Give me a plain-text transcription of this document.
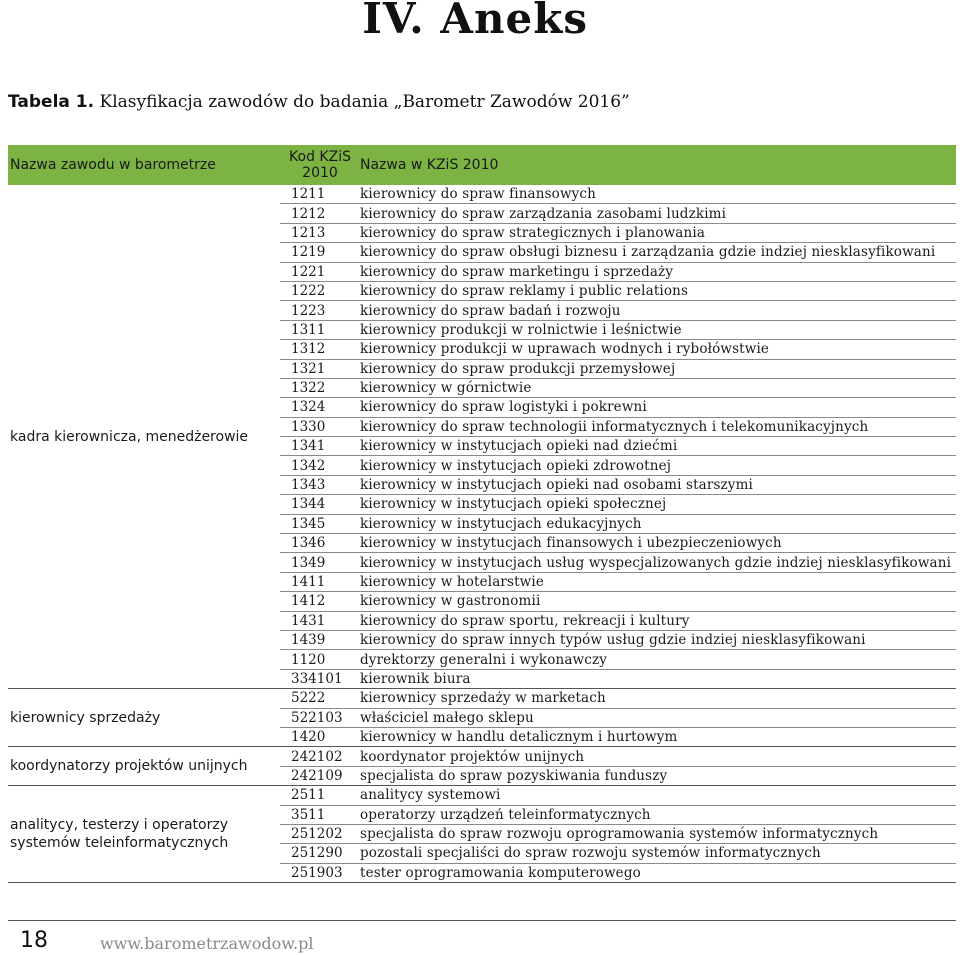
IV. Aneks
Tabela 1. Klasyfikacja zawodów do badania „Barometr Zawodów 2016”
Nazwa zawodu w barometrze	Kod KZiS 2010	Nazwa w KZiS 2010
kadra kierownicza, menedżerowie	1211	kierownicy do spraw finansowych
	1212	kierownicy do spraw zarządzania zasobami ludzkimi
	1213	kierownicy do spraw strategicznych i planowania
	1219	kierownicy do spraw obsługi biznesu i zarządzania gdzie indziej niesklasyfikowani
	1221	kierownicy do spraw marketingu i sprzedaży
	1222	kierownicy do spraw reklamy i public relations
	1223	kierownicy do spraw badań i rozwoju
	1311	kierownicy produkcji w rolnictwie i leśnictwie
	1312	kierownicy produkcji w uprawach wodnych i rybołówstwie
	1321	kierownicy do spraw produkcji przemysłowej
	1322	kierownicy w górnictwie
	1324	kierownicy do spraw logistyki i pokrewni
	1330	kierownicy do spraw technologii informatycznych i telekomunikacyjnych
	1341	kierownicy w instytucjach opieki nad dziećmi
	1342	kierownicy w instytucjach opieki zdrowotnej
	1343	kierownicy w instytucjach opieki nad osobami starszymi
	1344	kierownicy w instytucjach opieki społecznej
	1345	kierownicy w instytucjach edukacyjnych
	1346	kierownicy w instytucjach finansowych i ubezpieczeniowych
	1349	kierownicy w instytucjach usług wyspecjalizowanych gdzie indziej niesklasyfikowani
	1411	kierownicy w hotelarstwie
	1412	kierownicy w gastronomii
	1431	kierownicy do spraw sportu, rekreacji i kultury
	1439	kierownicy do spraw innych typów usług gdzie indziej niesklasyfikowani
	1120	dyrektorzy generalni i wykonawczy
	334101	kierownik biura
kierownicy sprzedaży	5222	kierownicy sprzedaży w marketach
	522103	właściciel małego sklepu
	1420	kierownicy w handlu detalicznym i hurtowym
koordynatorzy projektów unijnych	242102	koordynator projektów unijnych
	242109	specjalista do spraw pozyskiwania funduszy
analitycy, testerzy i operatorzy systemów teleinformatycznych	2511	analitycy systemowi
	3511	operatorzy urządzeń teleinformatycznych
	251202	specjalista do spraw rozwoju oprogramowania systemów informatycznych
	251290	pozostali specjaliści do spraw rozwoju systemów informatycznych
	251903	tester oprogramowania komputerowego
18	www.barometrzawodow.pl
